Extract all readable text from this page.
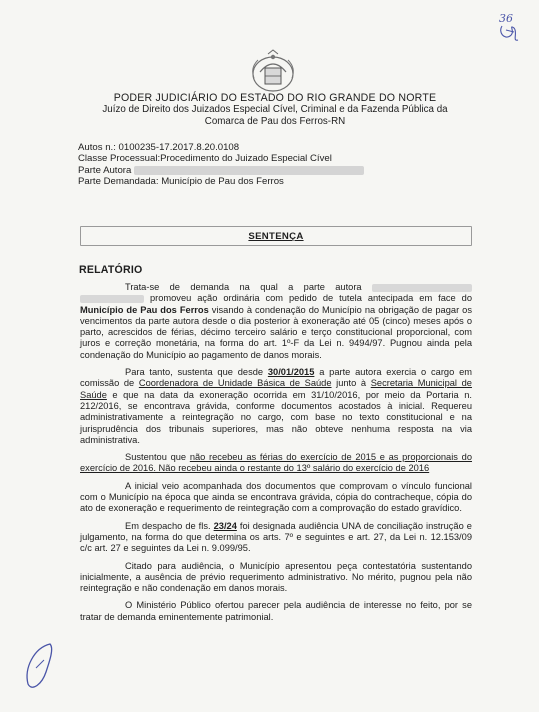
36
PODER JUDICIÁRIO DO ESTADO DO RIO GRANDE DO NORTE
Juízo de Direito dos Juizados Especial Cível, Criminal e da Fazenda Pública da
Comarca de Pau dos Ferros-RN
Autos n.: 0100235-17.2017.8.20.0108
Classe Processual:Procedimento do Juizado Especial Cível
Parte Autora
Parte Demandada: Município de Pau dos Ferros
SENTENÇA
RELATÓRIO

Trata-se de demanda na qual a parte autora   promoveu ação ordinária com pedido de tutela antecipada em face do Município de Pau dos Ferros visando à condenação do Município na obrigação de pagar os vencimentos da parte autora desde o dia posterior à exoneração até 05 (cinco) meses após o parto, acrescidos de férias, décimo terceiro salário e terço constitucional proporcional, com juros e correção monetária, na forma do art. 1º-F da Lei n. 9494/97. Pugnou ainda pela condenação do Município ao pagamento de danos morais.

Para tanto, sustenta que desde 30/01/2015 a parte autora exercia o cargo em comissão de Coordenadora de Unidade Básica de Saúde junto à Secretaria Municipal de Saúde e que na data da exoneração ocorrida em 31/10/2016, por meio da Portaria n. 212/2016, se encontrava grávida, conforme documentos acostados à inicial. Requereu administrativamente a reintegração no cargo, com base no texto constitucional e na jurisprudência dos tribunais superiores, mas não obteve nenhuma resposta na via administrativa.

Sustentou que não recebeu as férias do exercício de 2015 e as proporcionais do exercício de 2016. Não recebeu ainda o restante do 13º salário do exercício de 2016

A inicial veio acompanhada dos documentos que comprovam o vínculo funcional com o Município na época que ainda se encontrava grávida, cópia do contracheque, cópia do ato de exoneração e requerimento de reintegração com a comprovação do estado gravídico.

Em despacho de fls. 23/24 foi designada audiência UNA de conciliação instrução e julgamento, na forma do que determina os arts. 7º e seguintes e art. 27, da Lei n. 12.153/09 c/c art. 27 e seguintes da Lei n. 9.099/95.

Citado para audiência, o Município apresentou peça contestatória sustentando inicialmente, a ausência de prévio requerimento administrativo. No mérito, pugnou pela não reintegração e não condenação em danos morais.

O Ministério Público ofertou parecer pela audiência de interesse no feito, por se tratar de demanda eminentemente patrimonial.
